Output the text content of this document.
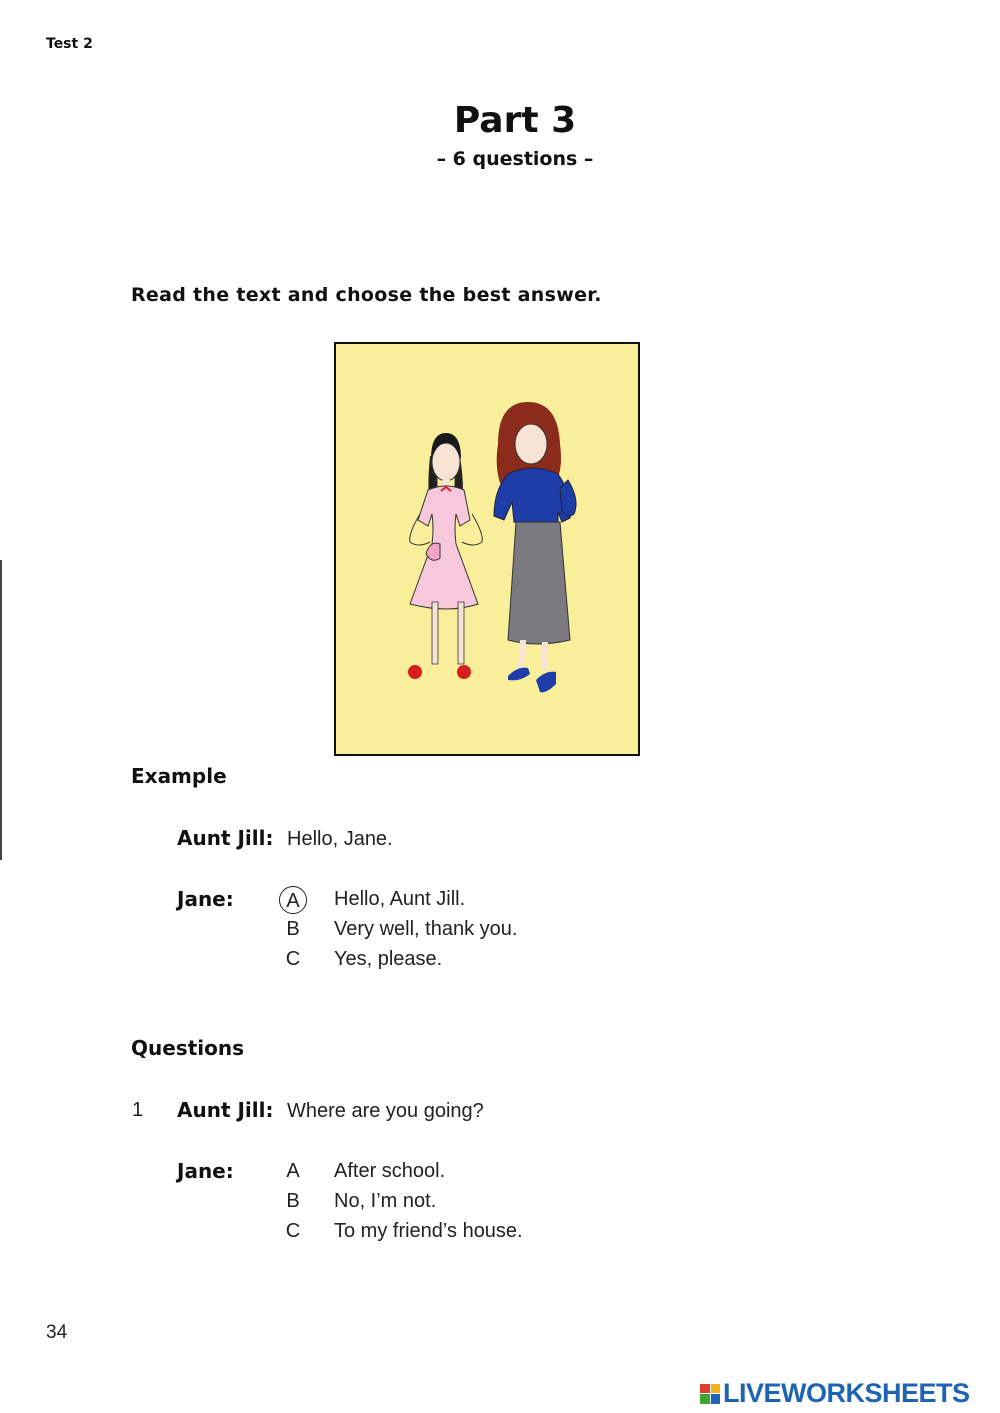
Test 2
Part 3
– 6 questions –
Read the text and choose the best answer.
Example
Aunt Jill: Hello, Jane.
Jane:	A	Hello, Aunt Jill.
B	Very well, thank you.
C	Yes, please.
Questions
1 Aunt Jill: Where are you going?
Jane:	A	After school.
B	No, I’m not.
C	To my friend’s house.
34
LIVEWORKSHEETS
